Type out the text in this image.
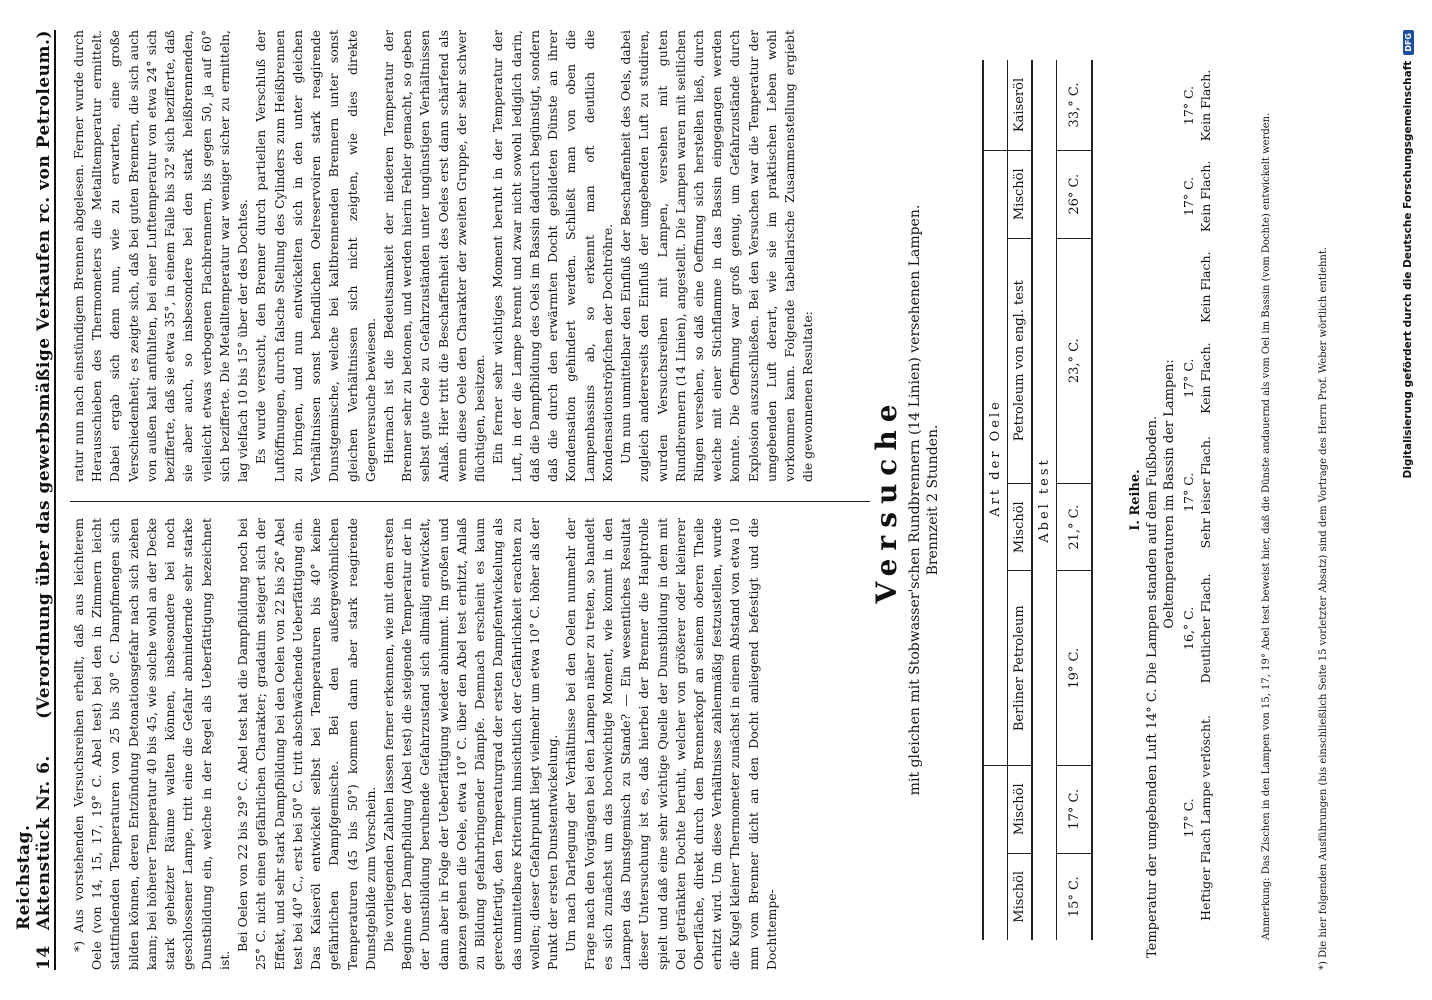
14
Reichstag. Aktenstück Nr. 6.
(Verordnung über das gewerbsmäßige Verkaufen rc. von Petroleum.)

*) Aus vorstehenden Versuchsreihen erhellt, daß aus leichterem Oele (von 14, 15, 17, 19° C. Abel test) bei den in Zimmern leicht stattfindenden Temperaturen von 25 bis 30° C. Dampfmengen sich bilden können, deren Entzündung Detonationsgefahr nach sich ziehen kann; bei höherer Temperatur 40 bis 45, wie solche wohl an der Decke stark geheizter Räume walten können, insbesondere bei noch geschlossener Lampe, tritt eine die Gefahr abmindernde sehr starke Dunstbildung ein, welche in der Regel als Ueberfättigung bezeichnet ist.

Bei Oelen von 22 bis 29° C. Abel test hat die Dampfbildung noch bei 25° C. nicht einen gefährlichen Charakter; gradatim steigert sich der Effekt, und sehr stark Dampfbildung bei den Oelen von 22 bis 26° Abel test bei 40° C., erst bei 50° C. tritt abschwächende Ueberfättigung ein. Das Kaiseröl entwickelt selbst bei Temperaturen bis 40° keine gefährlichen Dampfgemische. Bei den außergewöhnlichen Temperaturen (45 bis 50°) kommen dann aber stark reagirende Dunstgebilde zum Vorschein. Die vorliegenden Zahlen lassen ferner erkennen, wie mit dem ersten Beginne der Dampfbildung (Abel test) die steigende Temperatur der in der Dunstbildung beruhende Gefahrzustand sich allmälig entwickelt, dann aber in Folge der Ueberfättigung wieder abnimmt. Im großen und ganzen gehen die Oele, etwa 10° C. über den Abel test erhitzt, Anlaß zu Bildung gefahrbringender Dämpfe. Demnach erscheint es kaum gerechtfertigt, den Temperaturgrad der ersten Dampfentwickelung als das unmittelbare Kriterium hinsichtlich der Gefährlichkeit erachten zu wollen; dieser Gefahrpunkt liegt vielmehr um etwa 10° C. höher als der Punkt der ersten Dunstentwickelung. Um nach Darlegung der Verhältnisse bei den Oelen nunmehr der Frage nach den Vorgängen bei den Lampen näher zu treten, so handelt es sich zunächst um das hochwichtige Moment, wie kommt in den Lampen das Dunstgemisch zu Stande? — Ein wesentliches Resultat dieser Untersuchung ist es, daß hierbei der Brenner die Hauptrolle spielt und daß eine sehr wichtige Quelle der Dunstbildung in dem mit Oel getränkten Dochte beruht, welcher von größerer oder kleinerer Oberfläche, direkt durch den Brennerkopf an seinem oberen Theile erhitzt wird. Um diese Verhältnisse zahlenmäßig festzustellen, wurde die Kugel kleiner Thermometer zunächst in einem Abstand von etwa 10 mm vom Brenner dicht an den Docht anliegend befestigt und die Dochttempe-

ratur nun nach einstündigem Brennen abgelesen. Ferner wurde durch Herausschieben des Thermometers die Metalltemperatur ermittelt. Dabei ergab sich denn nun, wie zu erwarten, eine große Verschiedenheit; es zeigte sich, daß bei guten Brennern, die sich auch von außen kalt anfühlten, bei einer Lufttemperatur von etwa 24° sich bezifferte, daß sie etwa 35°, in einem Falle bis 32° sich bezifferte, daß sie aber auch, so insbesondere bei den stark heißbrennenden, vielleicht etwas verbogenen Flachbrennern, bis gegen 50, ja auf 60° sich bezifferte. Die Metalltemperatur war weniger sicher zu ermitteln, lag vielfach 10 bis 15° über der des Dochtes. Es wurde versucht, den Brenner durch partiellen Verschluß der Luftöffnungen, durch falsche Stellung des Cylinders zum Heißbrennen zu bringen, und nun entwickelten sich in den unter gleichen Verhältnissen sonst befindlichen Oelreservoiren stark reagirende Dunstgemische, welche bei kaltbrennenden Brennern unter sonst gleichen Verhältnissen sich nicht zeigten, wie dies direkte Gegenversuche bewiesen. Hiernach ist die Bedeutsamkeit der niederen Temperatur der Brenner sehr zu betonen, und werden hierin Fehler gemacht, so geben selbst gute Oele zu Gefahrzuständen unter ungünstigen Verhältnissen Anlaß. Hier tritt die Beschaffenheit des Oeles erst dann schärfend als wenn diese Oele den Charakter der zweiten Gruppe, der sehr schwer flüchtigen, besitzen. Ein ferner sehr wichtiges Moment beruht in der Temperatur der Luft, in der die Lampe brennt und zwar nicht sowohl lediglich darin, daß die Dampfbildung des Oels im Bassin dadurch begünstigt, sondern daß die durch den erwärmten Docht gebildeten Dünste an ihrer Kondensation gehindert werden. Schließt man von oben die Lampenbassins ab, so erkennt man oft deutlich die Kondensationströpfchen der Dochtröhre. Um nun unmittelbar den Einfluß der Beschaffenheit des Oels, dabei zugleich andererseits den Einfluß der umgebenden Luft zu studiren, wurden Versuchsreihen mit Lampen, versehen mit guten Rundbrennern (14 Linien), angestellt. Die Lampen waren mit seitlichen Ringen versehen, so daß eine Oeffnung sich herstellen ließ, durch welche mit einer Stichflamme in das Bassin eingegangen werden konnte. Die Oeffnung war groß genug, um Gefahrzustände durch Explosion auszuschließen. Bei den Versuchen war die Temperatur der umgebenden Luft derart, wie sie im praktischen Leben wohl vorkommen kann. Folgende tabellarische Zusammenstellung ergiebt die gewonnenen Resultate: Versuche mit gleichen mit Stobwasser'schen Rundbrennern (14 Linien) versehenen Lampen. Brennzeit 2 Stunden.
		Art der Oele				
Mischöl	Mischöl	Berliner Petroleum	Mischöl	Petroleum von engl. test	Mischöl	Kaiseröl
Abel test						
15° C.	17° C.	19° C.	21,° C.	23,° C.	26° C.	33,° C.
I. Reihe. Temperatur der umgebenden Luft 14° C. Die Lampen standen auf dem Fußboden. Oeltemperaturen im Bassin der Lampen:
17° C.	16,° C.	17° C.	17° C.		17° C.	17° C.
Heftiger Flach Lampe verlöscht.	Deutlicher Flach.	Sehr leiser Flach.	Kein Flach.	Kein Flach.	Kein Flach.	Kein Flach.
Anmerkung: Das Zischen in den Lampen von 15, 17, 19° Abel test beweist hier, daß die Dünste andauernd als vom Oel im Bassin (vom Dochte) entwickelt werden.	*) Die hier folgenden Ausführungen (bis einschließlich Seite 15 vorletzter Absatz) sind dem Vortrage des Herrn Prof. Weber wörtlich entlehnt.	Digitalisierung gefördert durch die Deutsche Forschungsgemeinschaft
DFG
